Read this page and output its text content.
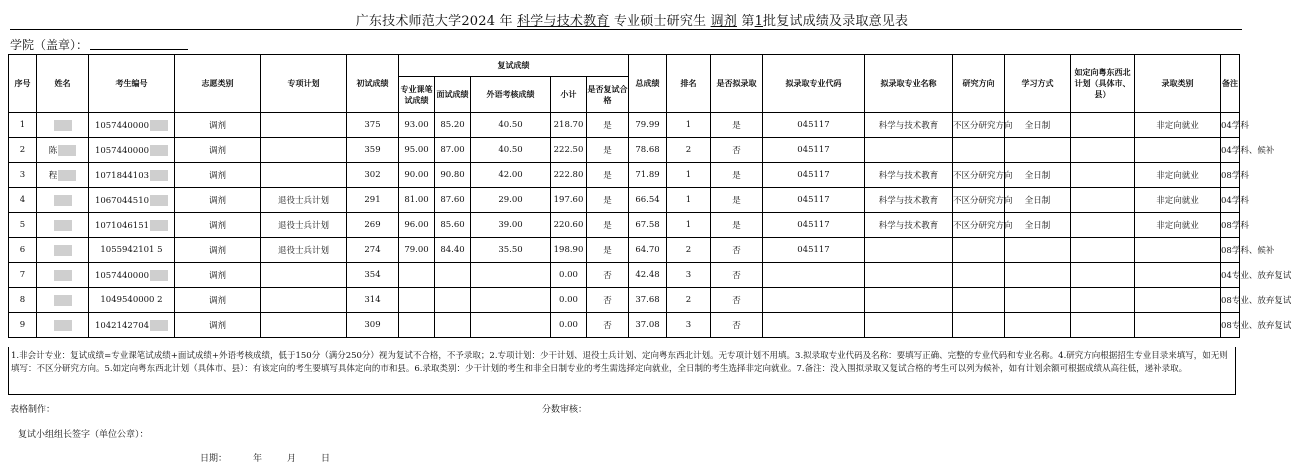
广东技术师范大学2024 年 科学与技术教育 专业硕士研究生 调剂 第1批复试成绩及录取意见表
学院（盖章）：
序号	姓名	考生编号	志愿类别	专项计划	初试成绩	复试成绩					总成绩	排名	是否拟录取	拟录取专业代码	拟录取专业名称	研究方向	学习方式	如定向粤东西北计划（具体市、县）	录取类别	备注
						专业课笔试成绩	面试成绩	外语考核成绩	小计	是否复试合格										
1		1057440000	调剂		375	93.00	85.20	40.50	218.70	是	79.99	1	是	045117	科学与技术教育	不区分研究方向	全日制		非定向就业	04学科
2	陈	1057440000	调剂		359	95.00	87.00	40.50	222.50	是	78.68	2	否	045117						04学科、候补
3	程	1071844103	调剂		302	90.00	90.80	42.00	222.80	是	71.89	1	是	045117	科学与技术教育	不区分研究方向	全日制		非定向就业	08学科
4		1067044510	调剂	退役士兵计划	291	81.00	87.60	29.00	197.60	是	66.54	1	是	045117	科学与技术教育	不区分研究方向	全日制		非定向就业	04学科
5		1071046151	调剂	退役士兵计划	269	96.00	85.60	39.00	220.60	是	67.58	1	是	045117	科学与技术教育	不区分研究方向	全日制		非定向就业	08学科
6		1055942101 5	调剂	退役士兵计划	274	79.00	84.40	35.50	198.90	是	64.70	2	否	045117						08学科、候补
7		1057440000	调剂		354				0.00	否	42.48	3	否							04专业、放弃复试
8		1049540000 2	调剂		314				0.00	否	37.68	2	否							08专业、放弃复试
9		1042142704	调剂		309				0.00	否	37.08	3	否							08专业、放弃复试
1.非会计专业：复试成绩=专业课笔试成绩+面试成绩+外语考核成绩，低于150分（满分250分）视为复试不合格，不予录取；2.专项计划：少干计划、退役士兵计划、定向粤东西北计划。无专项计划不用填。3.拟录取专业代码及名称：要填写正确、完整的专业代码和专业名称。4.研究方向根据招生专业目录来填写，如无则填写：不区分研究方向。5.如定向粤东西北计划（具体市、县）：有该定向的考生要填写具体定向的市和县。6.录取类别：少干计划的考生和非全日制专业的考生需选择定向就业，全日制的考生选择非定向就业。7.备注：没入围拟录取又复试合格的考生可以列为候补，如有计划余额可根据成绩从高往低，递补录取。
表格制作：	分数审核：
复试小组组长签字（单位公章）：
日期：	年	月	日
